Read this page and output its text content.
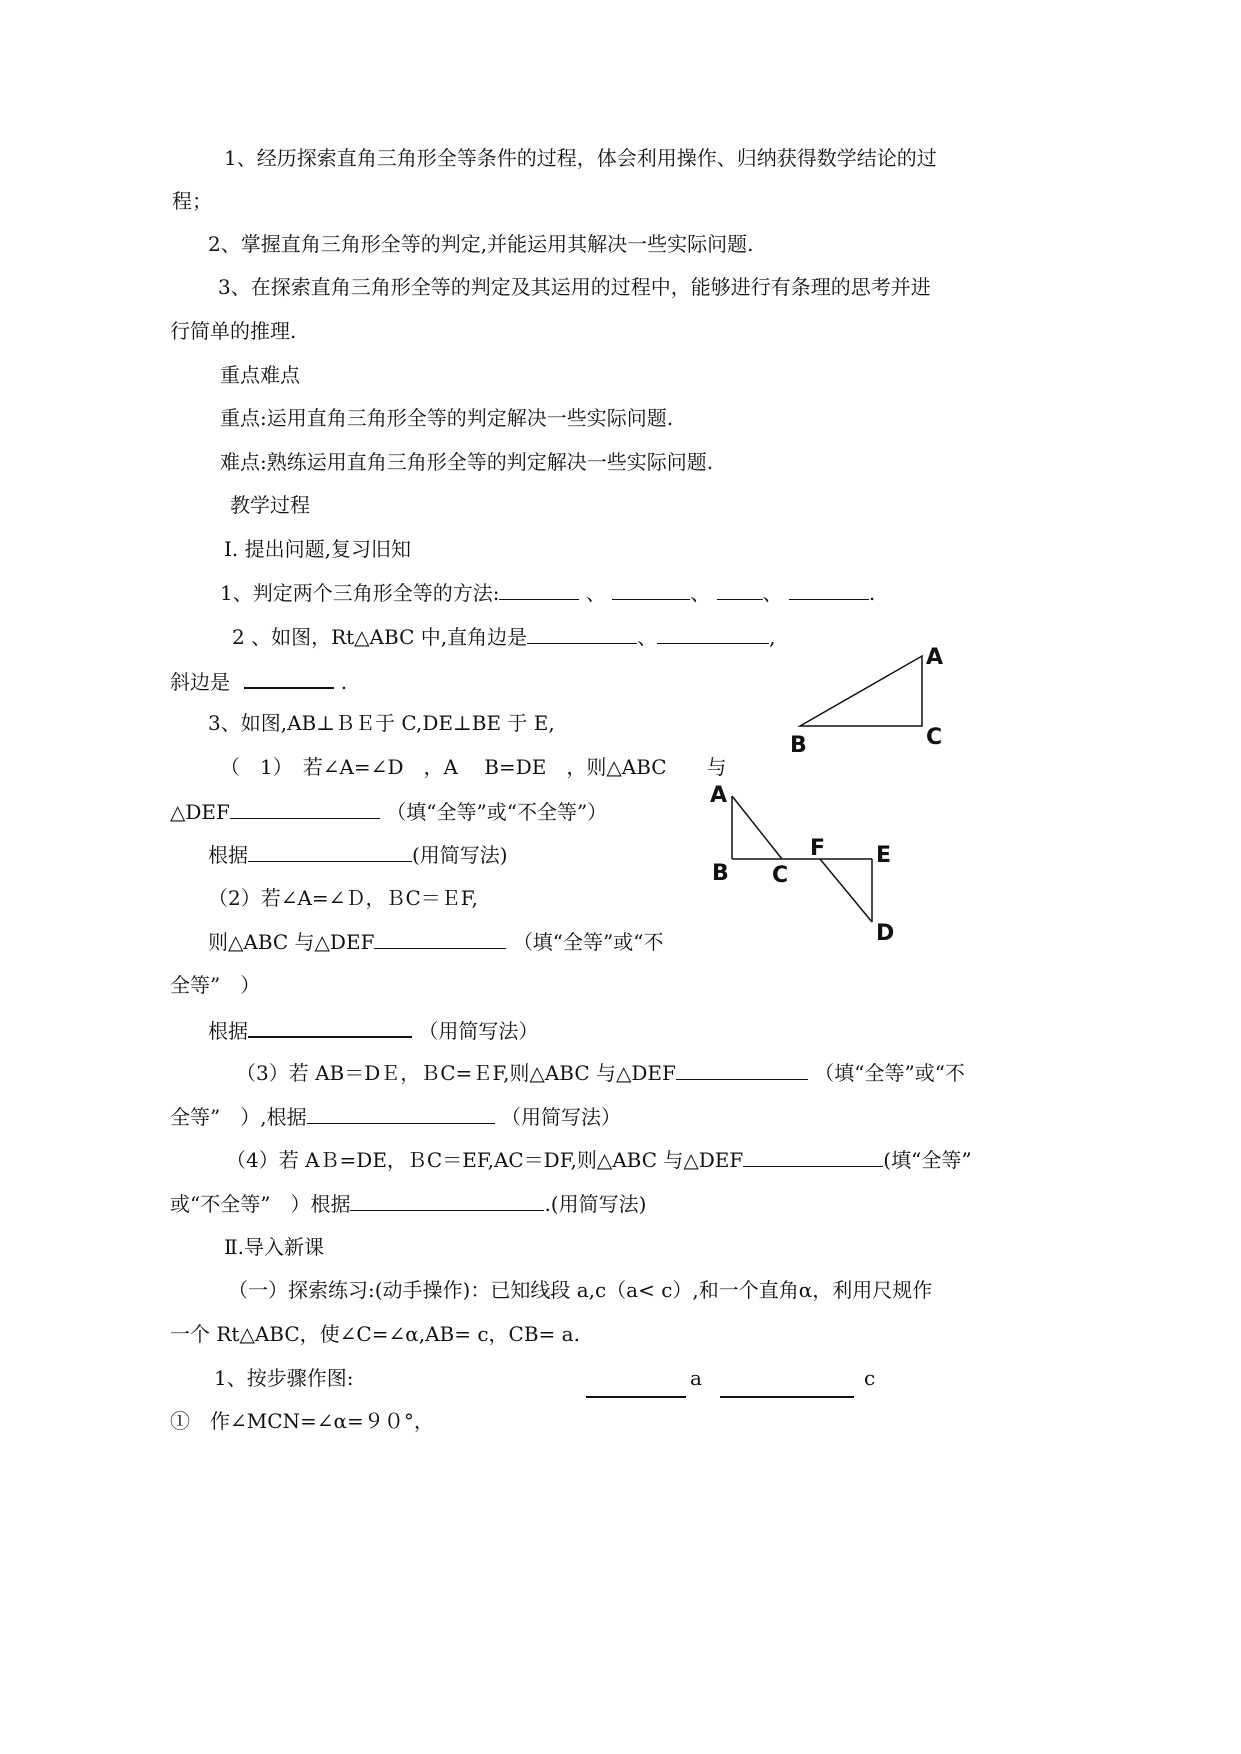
1、经历探索直角三角形全等条件的过程，体会利用操作、归纳获得数学结论的过
程；
2、掌握直角三角形全等的判定,并能运用其解决一些实际问题.
3、在探索直角三角形全等的判定及其运用的过程中，能够进行有条理的思考并进
行简单的推理.
重点难点
重点:运用直角三角形全等的判定解决一些实际问题.
难点:熟练运用直角三角形全等的判定解决一些实际问题.
教学过程
Ⅰ. 提出问题,复习旧知
1、判定两个三角形全等的方法:	、	、	、	.
2 、如图，Rt△ABC 中,直角边是	、	,
斜边是	.
3、如图,AB⊥ＢＥ于 C,DE⊥BE 于 E,
（　1）　若∠A=∠D　，A　 B=DE　，则△ABC　　与
△DEF	（填“全等”或“不全等”）
根据	(用简写法)
（2）若∠A=∠Ｄ，ＢC＝ＥF,
则△ABC 与△DEF	（填“全等”或“不
全等”　）
根据	（用简写法）
（3）若 AB＝DＥ，ＢC=ＥF,则△ABC 与△DEF	（填“全等”或“不
全等”　）,根据	（用简写法）
（4）若 AＢ=DE，ＢC＝EF,AC＝DF,则△ABC 与△DEF	(填“全等”
或“不全等”　）根据	.(用简写法)
Ⅱ.导入新课
（一）探索练习:(动手操作)：已知线段 a,c（a< c）,和一个直角α，利用尺规作
一个 Rt△ABC，使∠C=∠α,AB= c，CB= a.
1、按步骤作图:	a	c
①　作∠MCN=∠α=９０°，
A
B	C
A
B C
F E
D
